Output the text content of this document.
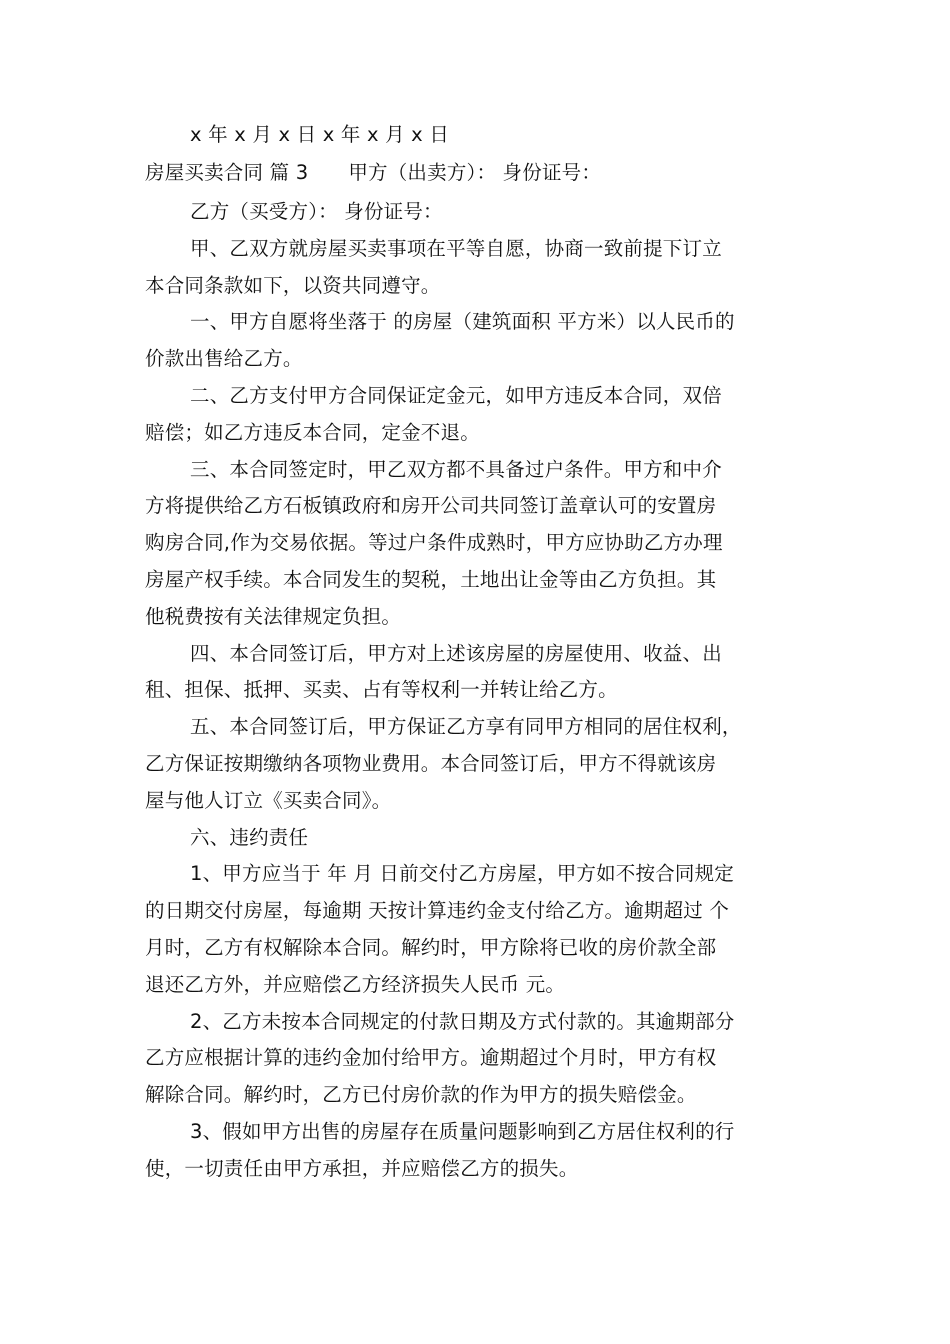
x 年 x 月 x 日 x 年 x 月 x 日
房屋买卖合同 篇 3 甲方（出卖方）： 身份证号：
乙方（买受方）： 身份证号：
甲、乙双方就房屋买卖事项在平等自愿，协商一致前提下订立
本合同条款如下，以资共同遵守。
一、甲方自愿将坐落于 的房屋（建筑面积 平方米）以人民币的
价款出售给乙方。
二、乙方支付甲方合同保证定金元，如甲方违反本合同，双倍
赔偿；如乙方违反本合同，定金不退。
三、本合同签定时，甲乙双方都不具备过户条件。甲方和中介
方将提供给乙方石板镇政府和房开公司共同签订盖章认可的安置房
购房合同,作为交易依据。等过户条件成熟时，甲方应协助乙方办理
房屋产权手续。本合同发生的契税，土地出让金等由乙方负担。其
他税费按有关法律规定负担。
四、本合同签订后，甲方对上述该房屋的房屋使用、收益、出
租、担保、抵押、买卖、占有等权利一并转让给乙方。
五、本合同签订后，甲方保证乙方享有同甲方相同的居住权利，
乙方保证按期缴纳各项物业费用。本合同签订后，甲方不得就该房
屋与他人订立《买卖合同》。
六、违约责任
1、甲方应当于 年 月 日前交付乙方房屋，甲方如不按合同规定
的日期交付房屋，每逾期 天按计算违约金支付给乙方。逾期超过 个
月时，乙方有权解除本合同。解约时，甲方除将已收的房价款全部
退还乙方外，并应赔偿乙方经济损失人民币 元。
2、乙方未按本合同规定的付款日期及方式付款的。其逾期部分
乙方应根据计算的违约金加付给甲方。逾期超过个月时，甲方有权
解除合同。解约时，乙方已付房价款的作为甲方的损失赔偿金。
3、假如甲方出售的房屋存在质量问题影响到乙方居住权利的行
使，一切责任由甲方承担，并应赔偿乙方的损失。
